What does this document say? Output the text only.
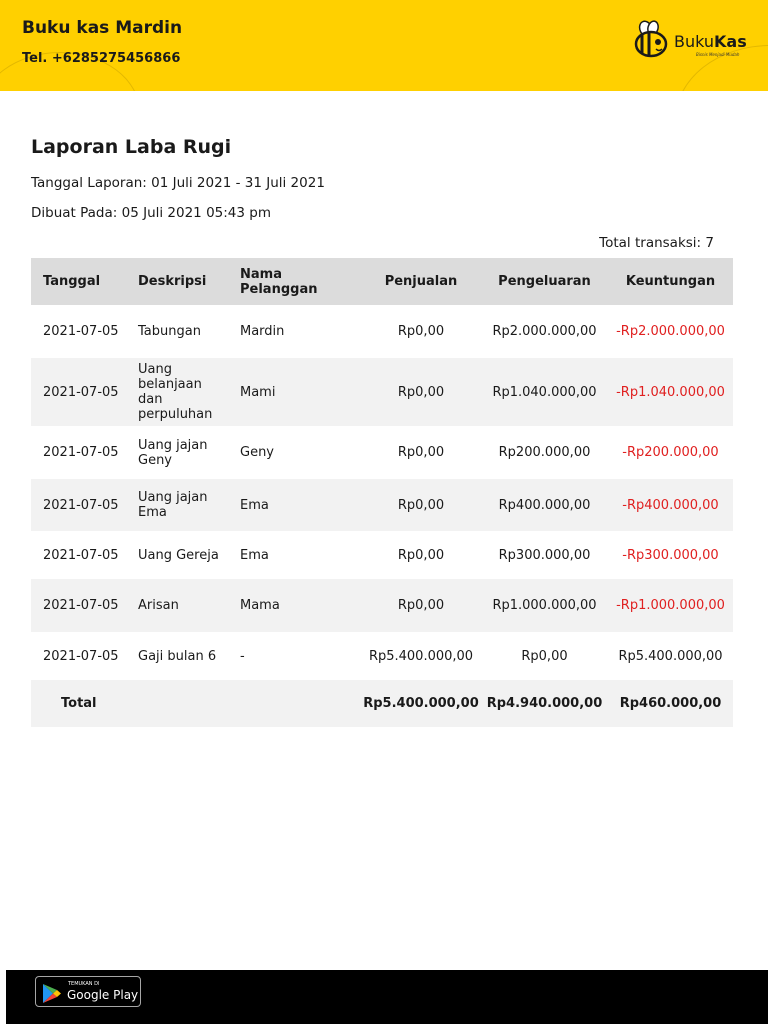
Buku kas Mardin
Tel. +6285275456866
BukuKas
Bisnis Menjadi Mudah
Laporan Laba Rugi
Tanggal Laporan: 01 Juli 2021 - 31 Juli 2021
Dibuat Pada: 05 Juli 2021 05:43 pm
Total transaksi: 7
Tanggal	Deskripsi	Nama Pelanggan	Penjualan	Pengeluaran	Keuntungan
2021-07-05	Tabungan	Mardin	Rp0,00	Rp2.000.000,00	-Rp2.000.000,00
2021-07-05	Uang belanjaan dan perpuluhan	Mami	Rp0,00	Rp1.040.000,00	-Rp1.040.000,00
2021-07-05	Uang jajan Geny	Geny	Rp0,00	Rp200.000,00	-Rp200.000,00
2021-07-05	Uang jajan Ema	Ema	Rp0,00	Rp400.000,00	-Rp400.000,00
2021-07-05	Uang Gereja	Ema	Rp0,00	Rp300.000,00	-Rp300.000,00
2021-07-05	Arisan	Mama	Rp0,00	Rp1.000.000,00	-Rp1.000.000,00
2021-07-05	Gaji bulan 6	-	Rp5.400.000,00	Rp0,00	Rp5.400.000,00
Total			Rp5.400.000,00	Rp4.940.000,00	Rp460.000,00
TEMUKAN DI
Google Play
